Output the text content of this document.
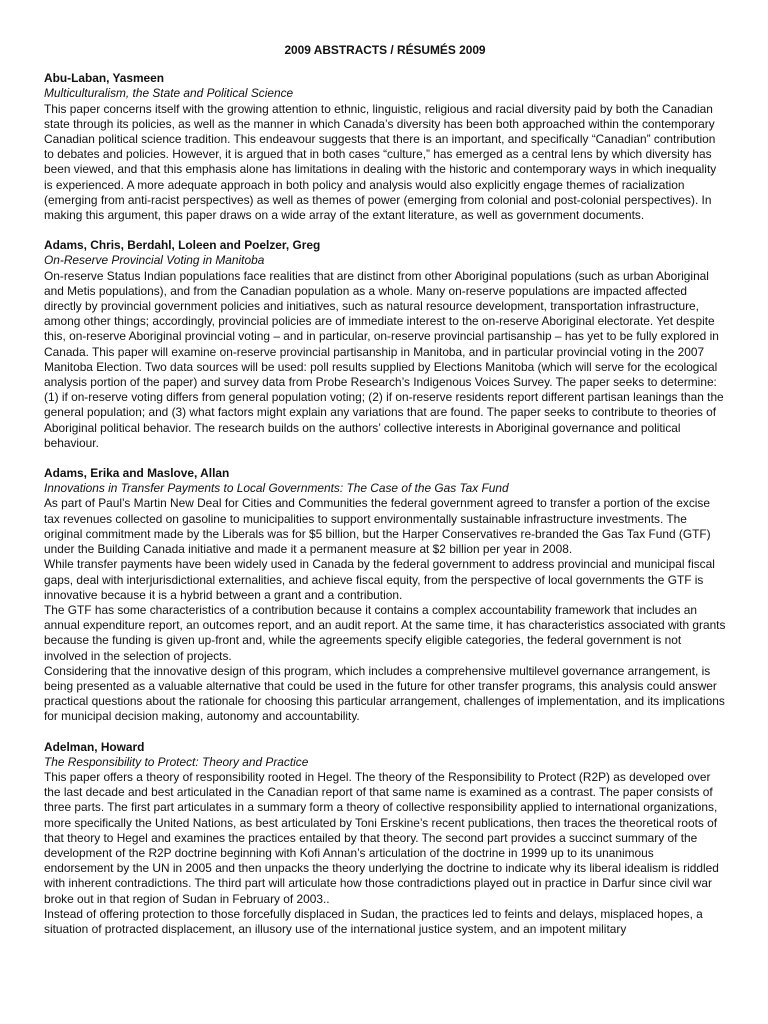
2009 ABSTRACTS / RÉSUMÉS 2009
Abu-Laban, Yasmeen
Multiculturalism, the State and Political Science
This paper concerns itself with the growing attention to ethnic, linguistic, religious and racial diversity paid by both the Canadian state through its policies, as well as the manner in which Canada’s diversity has been both approached within the contemporary Canadian political science tradition. This endeavour suggests that there is an important, and specifically “Canadian” contribution to debates and policies. However, it is argued that in both cases “culture,” has emerged as a central lens by which diversity has been viewed, and that this emphasis alone has limitations in dealing with the historic and contemporary ways in which inequality is experienced. A more adequate approach in both policy and analysis would also explicitly engage themes of racialization (emerging from anti-racist perspectives) as well as themes of power (emerging from colonial and post-colonial perspectives). In making this argument, this paper draws on a wide array of the extant literature, as well as government documents.
Adams, Chris, Berdahl, Loleen and Poelzer, Greg
On-Reserve Provincial Voting in Manitoba
On-reserve Status Indian populations face realities that are distinct from other Aboriginal populations (such as urban Aboriginal and Metis populations), and from the Canadian population as a whole. Many on-reserve populations are impacted affected directly by provincial government policies and initiatives, such as natural resource development, transportation infrastructure, among other things; accordingly, provincial policies are of immediate interest to the on-reserve Aboriginal electorate. Yet despite this, on-reserve Aboriginal provincial voting – and in particular, on-reserve provincial partisanship – has yet to be fully explored in Canada. This paper will examine on-reserve provincial partisanship in Manitoba, and in particular provincial voting in the 2007 Manitoba Election. Two data sources will be used: poll results supplied by Elections Manitoba (which will serve for the ecological analysis portion of the paper) and survey data from Probe Research’s Indigenous Voices Survey. The paper seeks to determine: (1) if on-reserve voting differs from general population voting; (2) if on-reserve residents report different partisan leanings than the general population; and (3) what factors might explain any variations that are found. The paper seeks to contribute to theories of Aboriginal political behavior. The research builds on the authors’ collective interests in Aboriginal governance and political behaviour.
Adams, Erika and Maslove, Allan
Innovations in Transfer Payments to Local Governments: The Case of the Gas Tax Fund
As part of Paul’s Martin New Deal for Cities and Communities the federal government agreed to transfer a portion of the excise tax revenues collected on gasoline to municipalities to support environmentally sustainable infrastructure investments. The original commitment made by the Liberals was for $5 billion, but the Harper Conservatives re-branded the Gas Tax Fund (GTF) under the Building Canada initiative and made it a permanent measure at $2 billion per year in 2008.
While transfer payments have been widely used in Canada by the federal government to address provincial and municipal fiscal gaps, deal with interjurisdictional externalities, and achieve fiscal equity, from the perspective of local governments the GTF is innovative because it is a hybrid between a grant and a contribution.
The GTF has some characteristics of a contribution because it contains a complex accountability framework that includes an annual expenditure report, an outcomes report, and an audit report. At the same time, it has characteristics associated with grants because the funding is given up-front and, while the agreements specify eligible categories, the federal government is not involved in the selection of projects.
Considering that the innovative design of this program, which includes a comprehensive multilevel governance arrangement, is being presented as a valuable alternative that could be used in the future for other transfer programs, this analysis could answer practical questions about the rationale for choosing this particular arrangement, challenges of implementation, and its implications for municipal decision making, autonomy and accountability.
Adelman, Howard
The Responsibility to Protect: Theory and Practice
This paper offers a theory of responsibility rooted in Hegel. The theory of the Responsibility to Protect (R2P) as developed over the last decade and best articulated in the Canadian report of that same name is examined as a contrast. The paper consists of three parts. The first part articulates in a summary form a theory of collective responsibility applied to international organizations, more specifically the United Nations, as best articulated by Toni Erskine’s recent publications, then traces the theoretical roots of that theory to Hegel and examines the practices entailed by that theory. The second part provides a succinct summary of the development of the R2P doctrine beginning with Kofi Annan’s articulation of the doctrine in 1999 up to its unanimous endorsement by the UN in 2005 and then unpacks the theory underlying the doctrine to indicate why its liberal idealism is riddled with inherent contradictions. The third part will articulate how those contradictions played out in practice in Darfur since civil war broke out in that region of Sudan in February of 2003..
Instead of offering protection to those forcefully displaced in Sudan, the practices led to feints and delays, misplaced hopes, a situation of protracted displacement, an illusory use of the international justice system, and an impotent military
